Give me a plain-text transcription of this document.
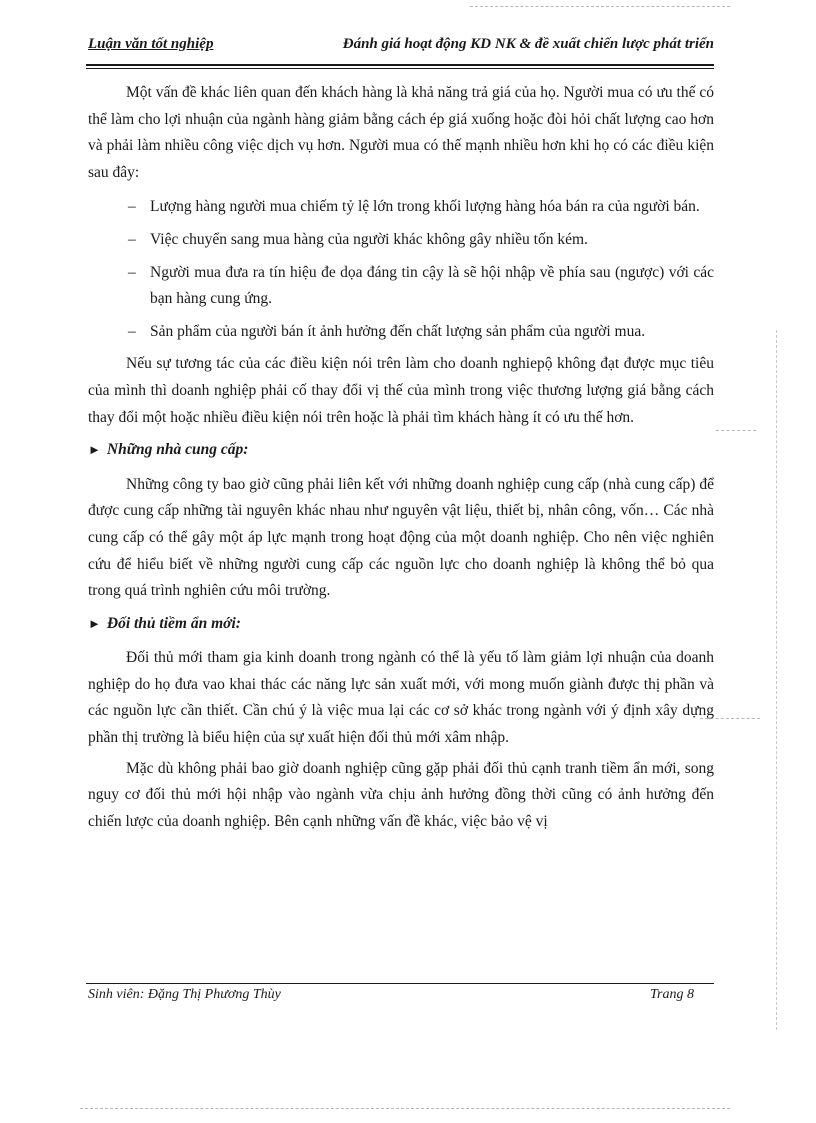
Luận văn tốt nghiệp	Đánh giá hoạt động KD NK & đề xuất chiến lược phát triển

Một vấn đề khác liên quan đến khách hàng là khả năng trả giá của họ. Người mua có ưu thế có thể làm cho lợi nhuận của ngành hàng giảm bằng cách ép giá xuống hoặc đòi hỏi chất lượng cao hơn và phải làm nhiều công việc dịch vụ hơn. Người mua có thế mạnh nhiều hơn khi họ có các điều kiện sau đây:

– Lượng hàng người mua chiếm tỷ lệ lớn trong khối lượng hàng hóa bán ra của người bán.
– Việc chuyển sang mua hàng của người khác không gây nhiều tốn kém.
– Người mua đưa ra tín hiệu đe dọa đáng tin cậy là sẽ hội nhập về phía sau (ngược) với các bạn hàng cung ứng.
– Sản phẩm của người bán ít ảnh hưởng đến chất lượng sản phẩm của người mua.

Nếu sự tương tác của các điều kiện nói trên làm cho doanh nghiepộ không đạt được mục tiêu của mình thì doanh nghiệp phải cố thay đổi vị thế của mình trong việc thương lượng giá bằng cách thay đổi một hoặc nhiều điều kiện nói trên hoặc là phải tìm khách hàng ít có ưu thế hơn.

► Những nhà cung cấp:

Những công ty bao giờ cũng phải liên kết với những doanh nghiệp cung cấp (nhà cung cấp) để được cung cấp những tài nguyên khác nhau như nguyên vật liệu, thiết bị, nhân công, vốn… Các nhà cung cấp có thể gây một áp lực mạnh trong hoạt động của một doanh nghiệp. Cho nên việc nghiên cứu để hiểu biết về những người cung cấp các nguồn lực cho doanh nghiệp là không thể bỏ qua trong quá trình nghiên cứu môi trường.

► Đối thủ tiềm ẩn mới:

Đối thủ mới tham gia kinh doanh trong ngành có thể là yếu tố làm giảm lợi nhuận của doanh nghiệp do họ đưa vao khai thác các năng lực sản xuất mới, với mong muốn giành được thị phần và các nguồn lực cần thiết. Cần chú ý là việc mua lại các cơ sở khác trong ngành với ý định xây dựng phần thị trường là biểu hiện của sự xuất hiện đối thủ mới xâm nhập.

Mặc dù không phải bao giờ doanh nghiệp cũng gặp phải đối thủ cạnh tranh tiềm ẩn mới, song nguy cơ đối thủ mới hội nhập vào ngành vừa chịu ảnh hưởng đồng thời cũng có ảnh hưởng đến chiến lược của doanh nghiệp. Bên cạnh những vấn đề khác, việc bảo vệ vị

Sinh viên: Đặng Thị Phương Thùy	Trang 8
